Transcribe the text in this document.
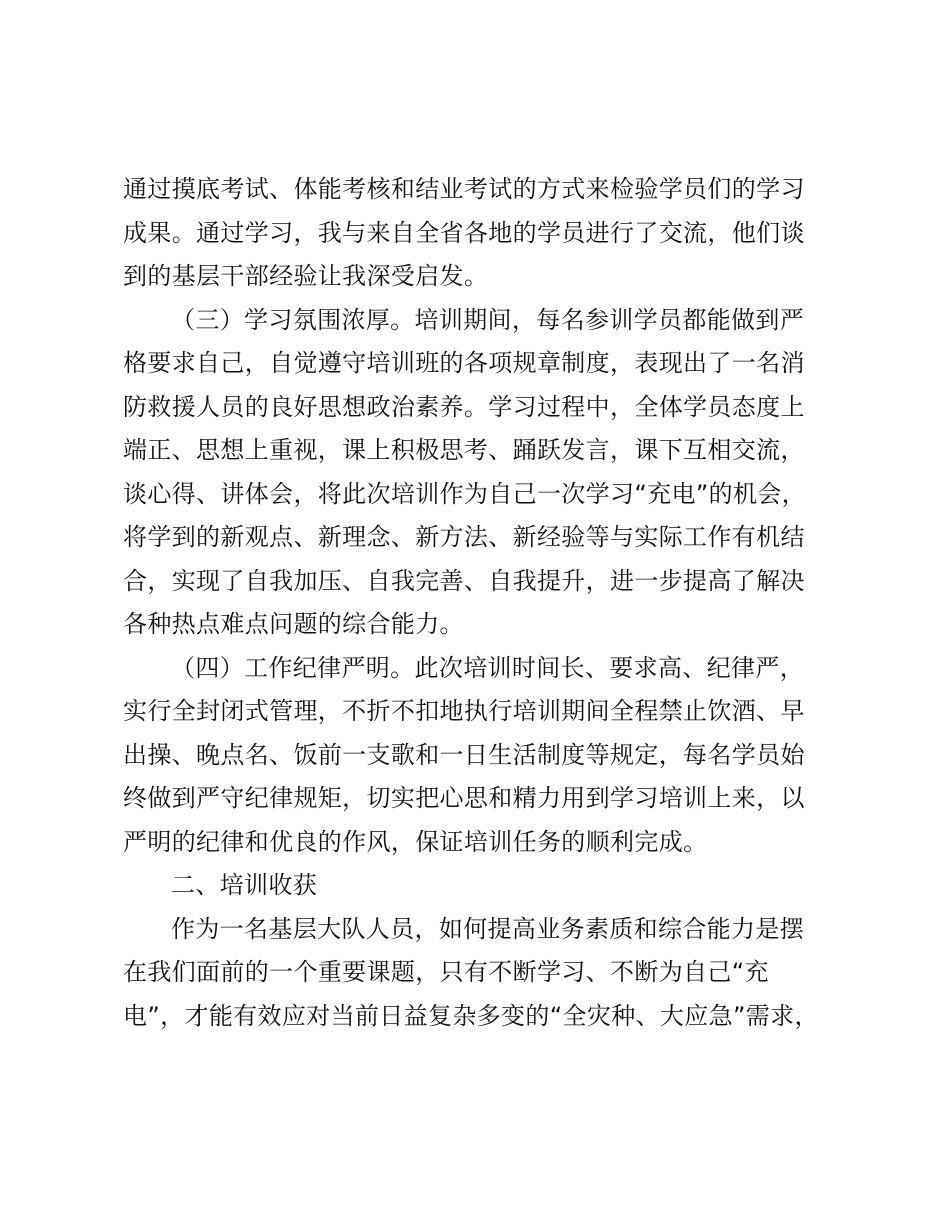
通过摸底考试、体能考核和结业考试的方式来检验学员们的学习
成果。通过学习，我与来自全省各地的学员进行了交流，他们谈
到的基层干部经验让我深受启发。
（三）学习氛围浓厚。培训期间，每名参训学员都能做到严
格要求自己，自觉遵守培训班的各项规章制度，表现出了一名消
防救援人员的良好思想政治素养。学习过程中，全体学员态度上
端正、思想上重视，课上积极思考、踊跃发言，课下互相交流，
谈心得、讲体会，将此次培训作为自己一次学习“充电”的机会，
将学到的新观点、新理念、新方法、新经验等与实际工作有机结
合，实现了自我加压、自我完善、自我提升，进一步提高了解决
各种热点难点问题的综合能力。
（四）工作纪律严明。此次培训时间长、要求高、纪律严，
实行全封闭式管理，不折不扣地执行培训期间全程禁止饮酒、早
出操、晚点名、饭前一支歌和一日生活制度等规定，每名学员始
终做到严守纪律规矩，切实把心思和精力用到学习培训上来，以
严明的纪律和优良的作风，保证培训任务的顺利完成。
二、培训收获
作为一名基层大队人员，如何提高业务素质和综合能力是摆
在我们面前的一个重要课题，只有不断学习、不断为自己“充
电”，才能有效应对当前日益复杂多变的“全灾种、大应急”需求，
